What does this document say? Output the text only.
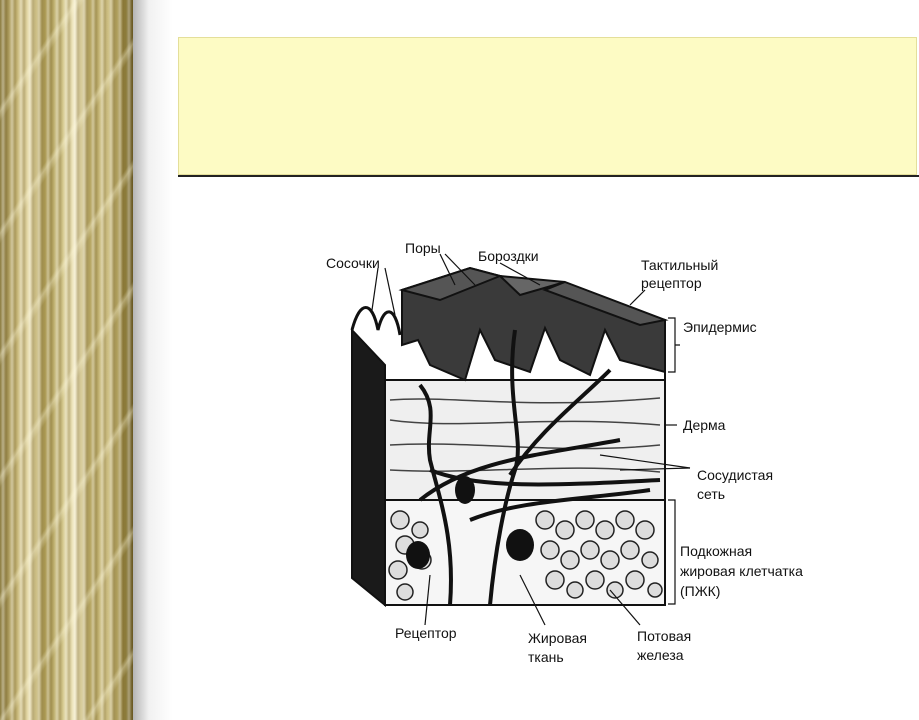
Поры	Бороздки
Сосочки	Тактильный
рецептор
Эпидермис
Дерма
Сосудистая
сеть
Подкожная
жировая клетчатка
(ПЖК)
Рецептор	Жировая
ткань
Потовая
железа
